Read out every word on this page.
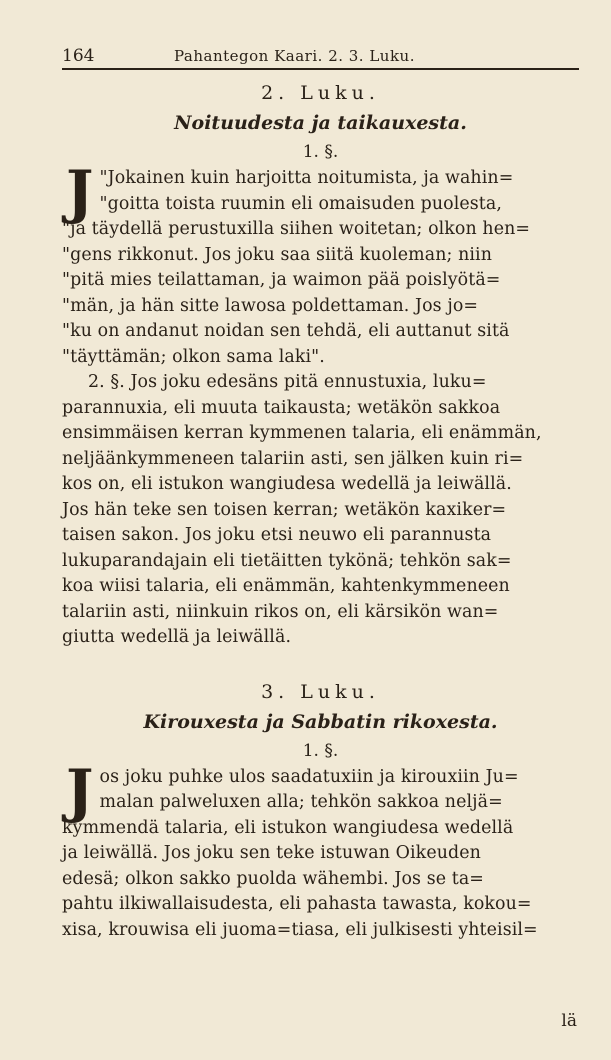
164	Pahantegon Kaari. 2. 3. Luku.
2. Luku.
Noituudesta ja taikauxesta.
1. §.
J "Jokainen kuin harjoitta noitumista, ja wahin=
"goitta toista ruumin eli omaisuden puolesta,
"ja täydellä perustuxilla siihen woitetan; olkon hen=
"gens rikkonut. Jos joku saa siitä kuoleman; niin
"pitä mies teilattaman, ja waimon pää poislyötä=
"män, ja hän sitte lawosa poldettaman. Jos jo=
"ku on andanut noidan sen tehdä, eli auttanut sitä
"täyttämän; olkon sama laki".
2. §. Jos joku edesäns pitä ennustuxia, luku=
parannuxia, eli muuta taikausta; wetäkön sakkoa
ensimmäisen kerran kymmenen talaria, eli enämmän,
neljäänkymmeneen talariin asti, sen jälken kuin ri=
kos on, eli istukon wangiudesa wedellä ja leiwällä.
Jos hän teke sen toisen kerran; wetäkön kaxiker=
taisen sakon. Jos joku etsi neuwo eli parannusta
lukuparandajain eli tietäitten tykönä; tehkön sak=
koa wiisi talaria, eli enämmän, kahtenkymmeneen
talariin asti, niinkuin rikos on, eli kärsikön wan=
giutta wedellä ja leiwällä.
3. Luku.
Kirouxesta ja Sabbatin rikoxesta.
1. §.
J os joku puhke ulos saadatuxiin ja kirouxiin Ju=
malan palweluxen alla; tehkön sakkoa neljä=
kymmendä talaria, eli istukon wangiudesa wedellä
ja leiwällä. Jos joku sen teke istuwan Oikeuden
edesä; olkon sakko puolda wähembi. Jos se ta=
pahtu ilkiwallaisudesta, eli pahasta tawasta, kokou=
xisa, krouwisa eli juoma=tiasa, eli julkisesti yhteisil=
lä
